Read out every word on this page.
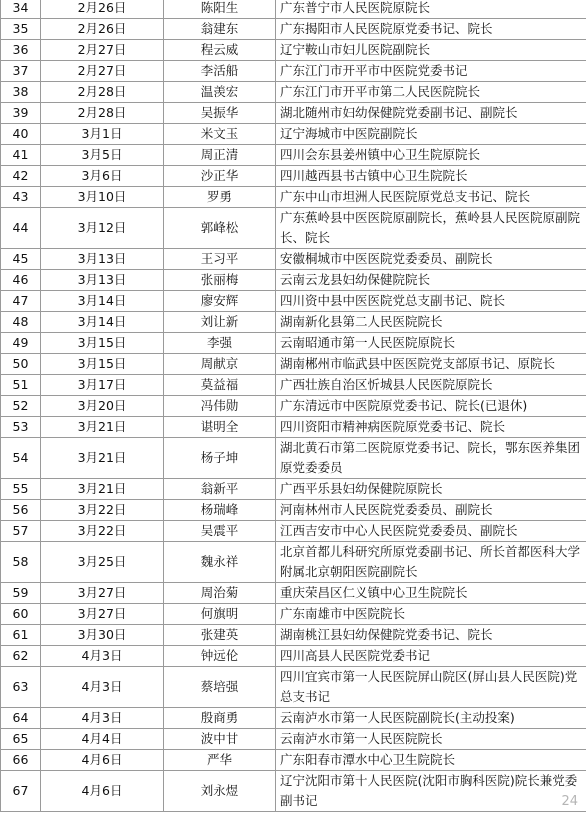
34	2月26日	陈阳生	广东普宁市人民医院原院长
35	2月26日	翁建东	广东揭阳市人民医院原党委书记、院长
36	2月27日	程云威	辽宁鞍山市妇儿医院副院长
37	2月27日	李活船	广东江门市开平市中医院党委书记
38	2月28日	温羡宏	广东江门市开平市第二人民医院院长
39	2月28日	吴振华	湖北随州市妇幼保健院党委副书记、副院长
40	3月1日	米文玉	辽宁海城市中医院副院长
41	3月5日	周正清	四川会东县姜州镇中心卫生院原院长
42	3月6日	沙正华	四川越西县书古镇中心卫生院院长
43	3月10日	罗勇	广东中山市坦洲人民医院原党总支书记、院长
44	3月12日	郭峰松	广东蕉岭县中医医院原副院长，蕉岭县人民医院原副院长、院长
45	3月13日	王习平	安徽桐城市中医医院党委委员、副院长
46	3月13日	张丽梅	云南云龙县妇幼保健院院长
47	3月14日	廖安辉	四川资中县中医医院党总支副书记、院长
48	3月14日	刘让新	湖南新化县第二人民医院院长
49	3月15日	李强	云南昭通市第一人民医院原院长
50	3月15日	周献京	湖南郴州市临武县中医医院党支部原书记、原院长
51	3月17日	莫益福	广西壮族自治区忻城县人民医院原院长
52	3月20日	冯伟勋	广东清远市中医院原党委书记、院长(已退休)
53	3月21日	谌明全	四川资阳市精神病医院原党委书记、院长
54	3月21日	杨子坤	湖北黄石市第二医院原党委书记、院长，鄂东医养集团原党委委员
55	3月21日	翁新平	广西平乐县妇幼保健院原院长
56	3月22日	杨瑞峰	河南林州市人民医院党委委员、副院长
57	3月22日	吴震平	江西吉安市中心人民医院党委委员、副院长
58	3月25日	魏永祥	北京首都儿科研究所原党委副书记、所长首都医科大学附属北京朝阳医院副院长
59	3月27日	周治菊	重庆荣昌区仁义镇中心卫生院院长
60	3月27日	何旗明	广东南雄市中医院院长
61	3月30日	张建英	湖南桃江县妇幼保健院党委书记、院长
62	4月3日	钟远伦	四川高县人民医院党委书记
63	4月3日	蔡培强	四川宜宾市第一人民医院屏山院区(屏山县人民医院)党总支书记
64	4月3日	殷商勇	云南泸水市第一人民医院副院长(主动投案)
65	4月4日	波中甘	云南泸水市第一人民医院院长
66	4月6日	严华	广东阳春市潭水中心卫生院院长
67	4月6日	刘永煜	辽宁沈阳市第十人民医院(沈阳市胸科医院)院长兼党委副书记	24
